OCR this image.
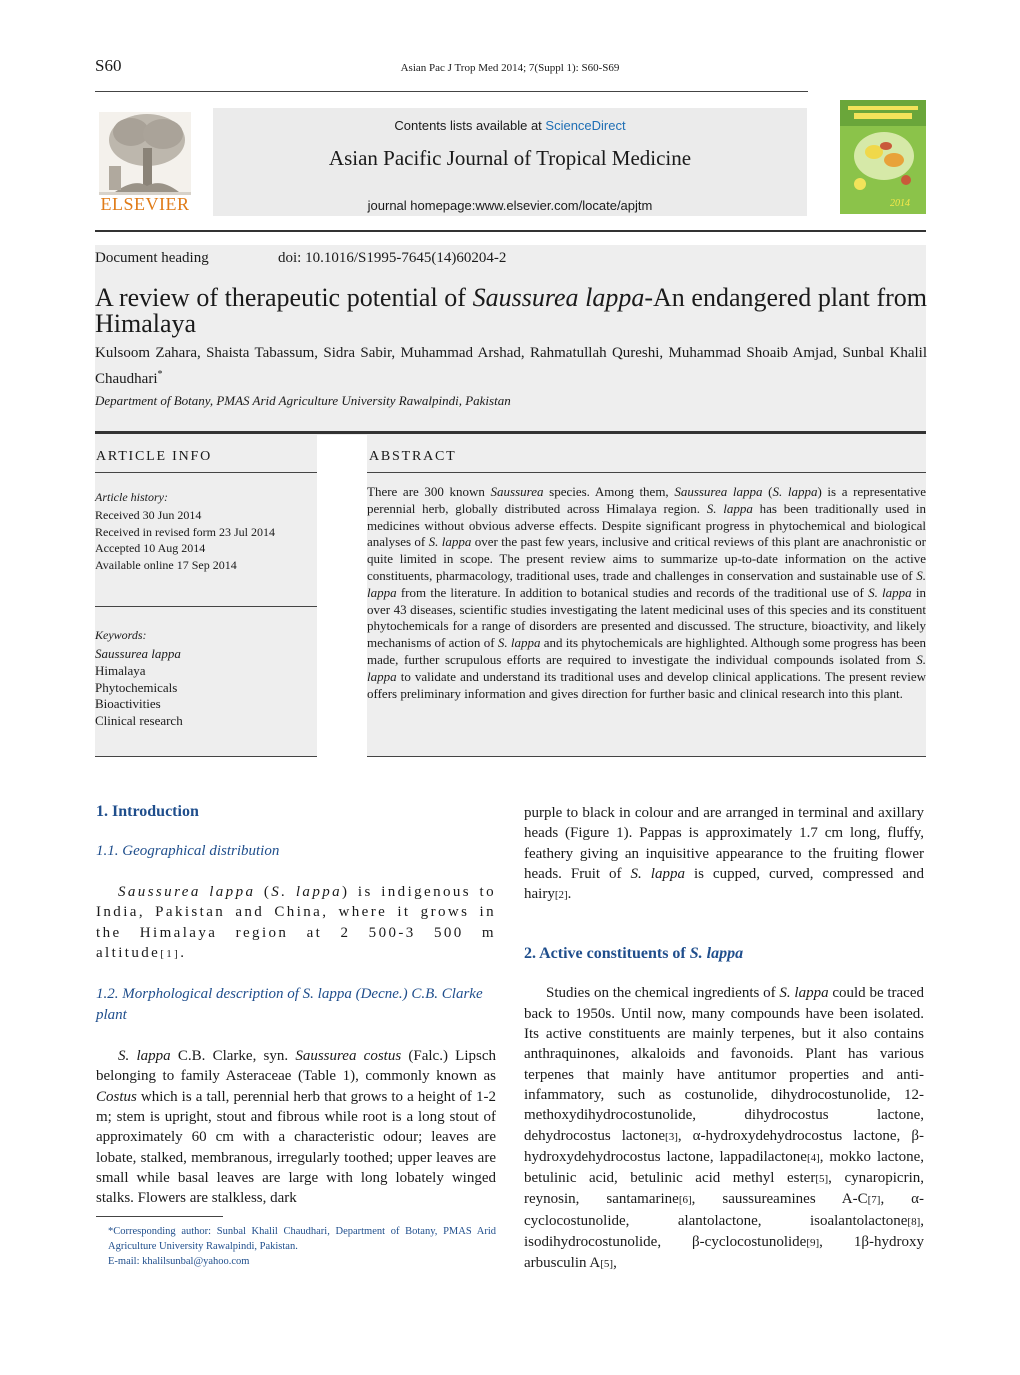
S60	Asian Pac J Trop Med 2014; 7(Suppl 1): S60-S69
ELSEVIER
Contents lists available at ScienceDirect
Asian Pacific Journal of Tropical Medicine
journal homepage:www.elsevier.com/locate/apjtm	2014
Document heading	doi: 10.1016/S1995-7645(14)60204-2
A review of therapeutic potential of Saussurea lappa-An endangered plant from Himalaya
Kulsoom Zahara, Shaista Tabassum, Sidra Sabir, Muhammad Arshad, Rahmatullah Qureshi, Muhammad Shoaib Amjad, Sunbal Khalil Chaudhari*
Department of Botany, PMAS Arid Agriculture University Rawalpindi, Pakistan
ARTICLE INFO	ABSTRACT
Article history:
Received 30 Jun 2014
Received in revised form 23 Jul 2014
Accepted 10 Aug 2014
Available online 17 Sep 2014
Keywords:
Saussurea lappa
Himalaya
Phytochemicals
Bioactivities
Clinical research
There are 300 known Saussurea species. Among them, Saussurea lappa (S. lappa) is a representative perennial herb, globally distributed across Himalaya region. S. lappa has been traditionally used in medicines without obvious adverse effects. Despite significant progress in phytochemical and biological analyses of S. lappa over the past few years, inclusive and critical reviews of this plant are anachronistic or quite limited in scope. The present review aims to summarize up-to-date information on the active constituents, pharmacology, traditional uses, trade and challenges in conservation and sustainable use of S. lappa from the literature. In addition to botanical studies and records of the traditional use of S. lappa in over 43 diseases, scientific studies investigating the latent medicinal uses of this species and its constituent phytochemicals for a range of disorders are presented and discussed. The structure, bioactivity, and likely mechanisms of action of S. lappa and its phytochemicals are highlighted. Although some progress has been made, further scrupulous efforts are required to investigate the individual compounds isolated from S. lappa to validate and understand its traditional uses and develop clinical applications. The present review offers preliminary information and gives direction for further basic and clinical research into this plant.
1. Introduction
1.1. Geographical distribution
Saussurea lappa (S. lappa) is indigenous to India, Pakistan and China, where it grows in the Himalaya region at 2 500-3 500 m altitude[1].
1.2. Morphological description of S. lappa (Decne.) C.B. Clarke plant
S. lappa C.B. Clarke, syn. Saussurea costus (Falc.) Lipsch belonging to family Asteraceae (Table 1), commonly known as Costus which is a tall, perennial herb that grows to a height of 1-2 m; stem is upright, stout and fibrous while root is a long stout of approximately 60 cm with a characteristic odour; leaves are lobate, stalked, membranous, irregularly toothed; upper leaves are small while basal leaves are large with long lobately winged stalks. Flowers are stalkless, dark
purple to black in colour and are arranged in terminal and axillary heads (Figure 1). Pappas is approximately 1.7 cm long, fluffy, feathery giving an inquisitive appearance to the fruiting flower heads. Fruit of S. lappa is cupped, curved, compressed and hairy[2].
2. Active constituents of S. lappa
Studies on the chemical ingredients of S. lappa could be traced back to 1950s. Until now, many compounds have been isolated. Its active constituents are mainly terpenes, but it also contains anthraquinones, alkaloids and favonoids. Plant has various terpenes that mainly have antitumor properties and anti-infammatory, such as costunolide, dihydrocostunolide, 12-methoxydihydrocostunolide, dihydrocostus lactone, dehydrocostus lactone[3], α-hydroxydehydrocostus lactone, β-hydroxydehydrocostus lactone, lappadilactone[4], mokko lactone, betulinic acid, betulinic acid methyl ester[5], cynaropicrin, reynosin, santamarine[6], saussureamines A-C[7], α-cyclocostunolide, alantolactone, isoalantolactone[8], isodihydrocostunolide, β-cyclocostunolide[9], 1β-hydroxy arbusculin A[5],
*Corresponding author: Sunbal Khalil Chaudhari, Department of Botany, PMAS Arid Agriculture University Rawalpindi, Pakistan.
E-mail: khalilsunbal@yahoo.com
